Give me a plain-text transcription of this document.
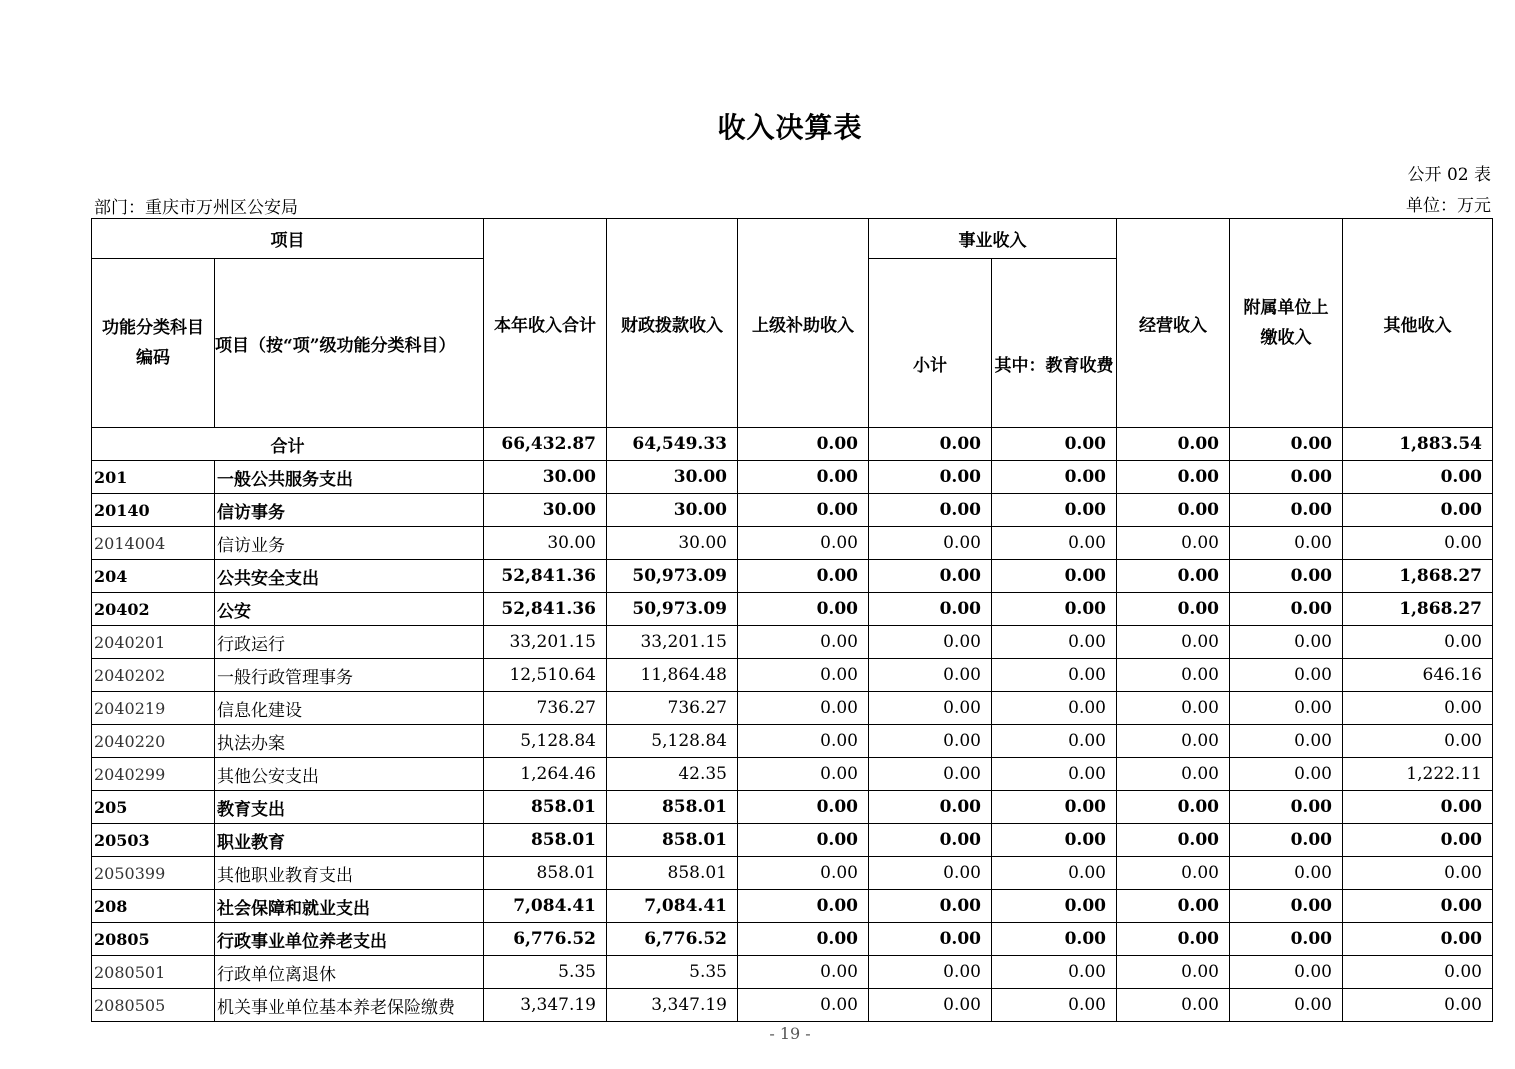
收入决算表
公开 02 表
部门：重庆市万州区公安局	单位：万元
项目		本年收入合计	财政拨款收入	上级补助收入	事业收入		经营收入	附属单位上缴收入	其他收入

功能分类科目编码	项目（按“项”级功能分类科目）				小计	其中：教育收费			
合计		66,432.87	64,549.33	0.00	0.00	0.00	0.00	0.00	1,883.54
201	一般公共服务支出	30.00	30.00	0.00	0.00	0.00	0.00	0.00	0.00
20140	信访事务	30.00	30.00	0.00	0.00	0.00	0.00	0.00	0.00
2014004	信访业务	30.00	30.00	0.00	0.00	0.00	0.00	0.00	0.00
204	公共安全支出	52,841.36	50,973.09	0.00	0.00	0.00	0.00	0.00	1,868.27
20402	公安	52,841.36	50,973.09	0.00	0.00	0.00	0.00	0.00	1,868.27
2040201	行政运行	33,201.15	33,201.15	0.00	0.00	0.00	0.00	0.00	0.00
2040202	一般行政管理事务	12,510.64	11,864.48	0.00	0.00	0.00	0.00	0.00	646.16
2040219	信息化建设	736.27	736.27	0.00	0.00	0.00	0.00	0.00	0.00
2040220	执法办案	5,128.84	5,128.84	0.00	0.00	0.00	0.00	0.00	0.00
2040299	其他公安支出	1,264.46	42.35	0.00	0.00	0.00	0.00	0.00	1,222.11
205	教育支出	858.01	858.01	0.00	0.00	0.00	0.00	0.00	0.00
20503	职业教育	858.01	858.01	0.00	0.00	0.00	0.00	0.00	0.00
2050399	其他职业教育支出	858.01	858.01	0.00	0.00	0.00	0.00	0.00	0.00
208	社会保障和就业支出	7,084.41	7,084.41	0.00	0.00	0.00	0.00	0.00	0.00
20805	行政事业单位养老支出	6,776.52	6,776.52	0.00	0.00	0.00	0.00	0.00	0.00
2080501	行政单位离退休	5.35	5.35	0.00	0.00	0.00	0.00	0.00	0.00
2080505	机关事业单位基本养老保险缴费	3,347.19	3,347.19	0.00	0.00	0.00	0.00	0.00	0.00
- 19 -
